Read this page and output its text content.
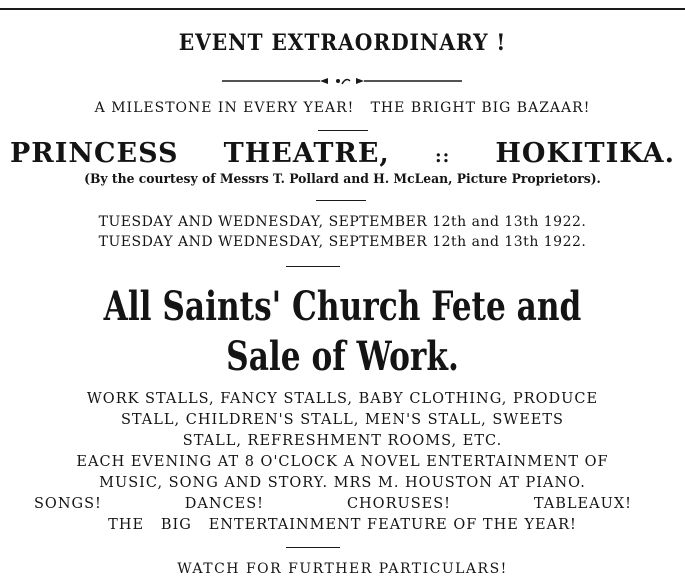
EVENT EXTRAORDINARY !
A MILESTONE IN EVERY YEAR!   THE BRIGHT BIG BAZAAR!
PRINCESS THEATRE,	:: HOKITIKA.
(By the courtesy of Messrs T. Pollard and H. McLean, Picture Proprietors).
TUESDAY AND WEDNESDAY, SEPTEMBER 12th and 13th 1922.
TUESDAY AND WEDNESDAY, SEPTEMBER 12th and 13th 1922.
All Saints' Church Fete and
Sale of Work.
WORK STALLS, FANCY STALLS, BABY CLOTHING, PRODUCE
STALL, CHILDREN'S STALL, MEN'S STALL, SWEETS
STALL, REFRESHMENT ROOMS, ETC.
EACH EVENING AT 8 O'CLOCK A NOVEL ENTERTAINMENT OF
MUSIC, SONG AND STORY. MRS M. HOUSTON AT PIANO.
SONGS!	DANCES!	CHORUSES!	TABLEAUX!
THE   BIG   ENTERTAINMENT FEATURE OF THE YEAR!
WATCH FOR FURTHER PARTICULARS!
